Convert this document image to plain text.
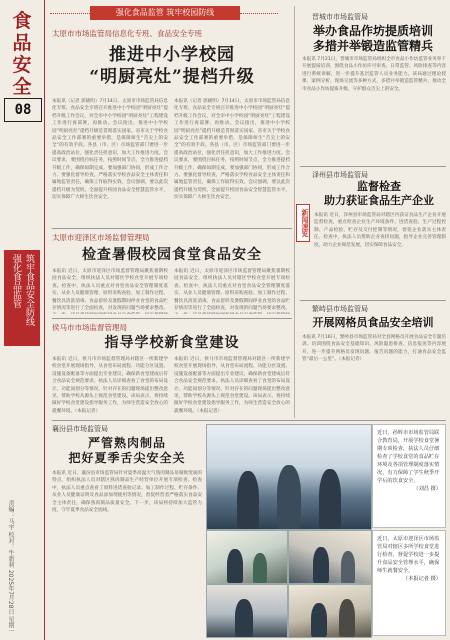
食品安全
08
强化食品监管 筑牢食品安全防线
责编：马宇 校对：牛新莉 2025年7月28日 星期一
强化食品监管 筑牢校园防线
太原市市场监管局信息化专班、食品安全专班
推进中小学校园
“明厨亮灶”提档升级
本报讯（记者 郭晓明）7月14日，太原市市场监管局信息化专班、食品安全专班召开推进中小学校园“明厨亮灶”提档升级工作会议，对全市中小学校园“明厨亮灶”工程建设工作进行再部署、再推动。会议指出，推进中小学校园“明厨亮灶”提档升级是贯彻落实国家、省市关于学校食品安全工作部署的重要举措，是保障师生“舌尖上的安全”的有效手段。各县（市、区）市场监管部门要进一步提高政治站位，强化责任担意识，加大工作推进力度。会议要求，要围绕目标任务，按照时间节点，全力推进提档升级工作，确保如期完成。要加强部门协同，形成工作合力。要强化督导检查，严格落实学校食品安全主体责任和属地监管责任，确保工作取得实效。会议强调，要以此次提档升级为契机，全面提升校园食品安全智慧监管水平，切实保障广大师生饮食安全。
本报讯（记者 郭晓明）7月14日，太原市市场监管局信息化专班、食品安全专班召开推进中小学校园“明厨亮灶”提档升级工作会议，对全市中小学校园“明厨亮灶”工程建设工作进行再部署、再推动。会议指出，推进中小学校园“明厨亮灶”提档升级是贯彻落实国家、省市关于学校食品安全工作部署的重要举措，是保障师生“舌尖上的安全”的有效手段。各县（市、区）市场监管部门要进一步提高政治站位，强化责任担意识，加大工作推进力度。会议要求，要围绕目标任务，按照时间节点，全力推进提档升级工作，确保如期完成。要加强部门协同，形成工作合力。要强化督导检查，严格落实学校食品安全主体责任和属地监管责任，确保工作取得实效。会议强调，要以此次提档升级为契机，全面提升校园食品安全智慧监管水平，切实保障广大师生饮食安全。
太原市迎泽区市场监督管理局
检查暑假校园食堂食品安全
本报讯 近日，太原市迎泽区市场监督管理局聚焦暑期校园食品安全，组织执法人员对辖区学校食堂开展专项检查。检查中，执法人员重点对食堂食品安全管理制度落实、从业人员健康管理、原料采购查验、加工制作过程、餐饮具清洗消毒、食品留样及暑假期间停业食堂的食品贮存情况等进行了全面检查，对发现的问题当场要求整改。
本报讯 近日，太原市迎泽区市场监督管理局聚焦暑期校园食品安全，组织执法人员对辖区学校食堂开展专项检查。检查中，执法人员重点对食堂食品安全管理制度落实、从业人员健康管理、原料采购查验、加工制作过程、餐饮具清洗消毒、食品留样及暑假期间停业食堂的食品贮存情况等进行了全面检查，对发现的问题当场要求整改。
侯马市市场监督管理局
指导学校新食堂建设
本报讯 近日，侯马市市场监督管理局对辖区一所新建学校食堂开展现场指导，从食堂布局流程、功能分区设置、设施设备配备等方面提出专业建议，确保新食堂建成后符合食品安全规范要求。执法人员详细查看了食堂的布局设计、功能间划分等情况，针对存在的问题现场提出整改意见，帮助学校从源头上规范食堂建设。该局表示，将持续做好学校食堂建设指导服务工作，为师生营造安全放心的就餐环境。（本报记者）
本报讯 近日，侯马市市场监督管理局对辖区一所新建学校食堂开展现场指导，从食堂布局流程、功能分区设置、设施设备配备等方面提出专业建议，确保新食堂建成后符合食品安全规范要求。执法人员详细查看了食堂的布局设计、功能间划分等情况，针对存在的问题现场提出整改意见，帮助学校从源头上规范食堂建设。该局表示，将持续做好学校食堂建设指导服务工作，为师生营造安全放心的就餐环境。（本报记者）
晋城市市场监管局
举办食品作坊提质培训
多措并举锻造监管精兵
本报讯 7月21日，晋城市市场监管局组织全市食品小作坊监管业务骨干开展提质培训，围绕食品小作坊许可审查、日常监管、风险排查等内容进行系统讲解，进一步提升基层监管人员业务能力。该局通过理论授课、案例分析、现场交流等多种方式，多措并举锻造监管精兵，推动全市食品小作坊提质升级，守护群众舌尖上的安全。
新闻速览
泽州县市场监管局
监督检查
助力获证食品生产企业
本报讯 近日，泽州县市场监管局对辖区内获证食品生产企业开展监督检查，重点检查企业生产环境条件、进货查验、生产过程控制、产品检验、贮存及交付控制等情况，督促企业落实主体责任。检查中，执法人员帮助企业查找问题，指导企业完善管理制度，助力企业规范发展，切实保障食品安全。
繁峙县市场监管局
开展网格员食品安全培训
本报讯 7月16日，繁峙县市场监管局对全县网格员开展食品安全专题培训。培训围绕食品安全基础知识、风险隐患排查、信息报送等内容展开，进一步提升网格员发现问题、报告问题的能力，打通食品安全监管“最后一公里”。（本报记者）
襄汾县市场监管局
严管熟肉制品
把好夏季舌尖安全关
本报讯 近日，襄汾县市场监管局针对夏季高温天气熟肉制品易腐败变质的特点，组织执法人员对辖区熟肉制品生产经营单位开展专项检查。检查中，执法人员重点查看了原料进货查验记录、加工制作过程、贮存条件、从业人员健康证明及食品添加剂使用等情况，督促经营者严格落实食品安全主体责任，确保熟肉制品质量安全。下一步，该局将持续加大监管力度，守牢夏季食品安全底线。
近日，孙辉市市场监管局联合教育局，开展学校食堂暑期专项检查，执法人员仔细检查了学校食堂的食品贮存环境及各项管理制度落实情况，有力保障了学生秋季开学后的饮食安全。
（刘昌 摄）
近日，太原市迎泽区市场监管局对辖区多所学校食堂进行检查，督促学校进一步提升食品安全管理水平，确保师生就餐安全。
（本报记者 摄）
